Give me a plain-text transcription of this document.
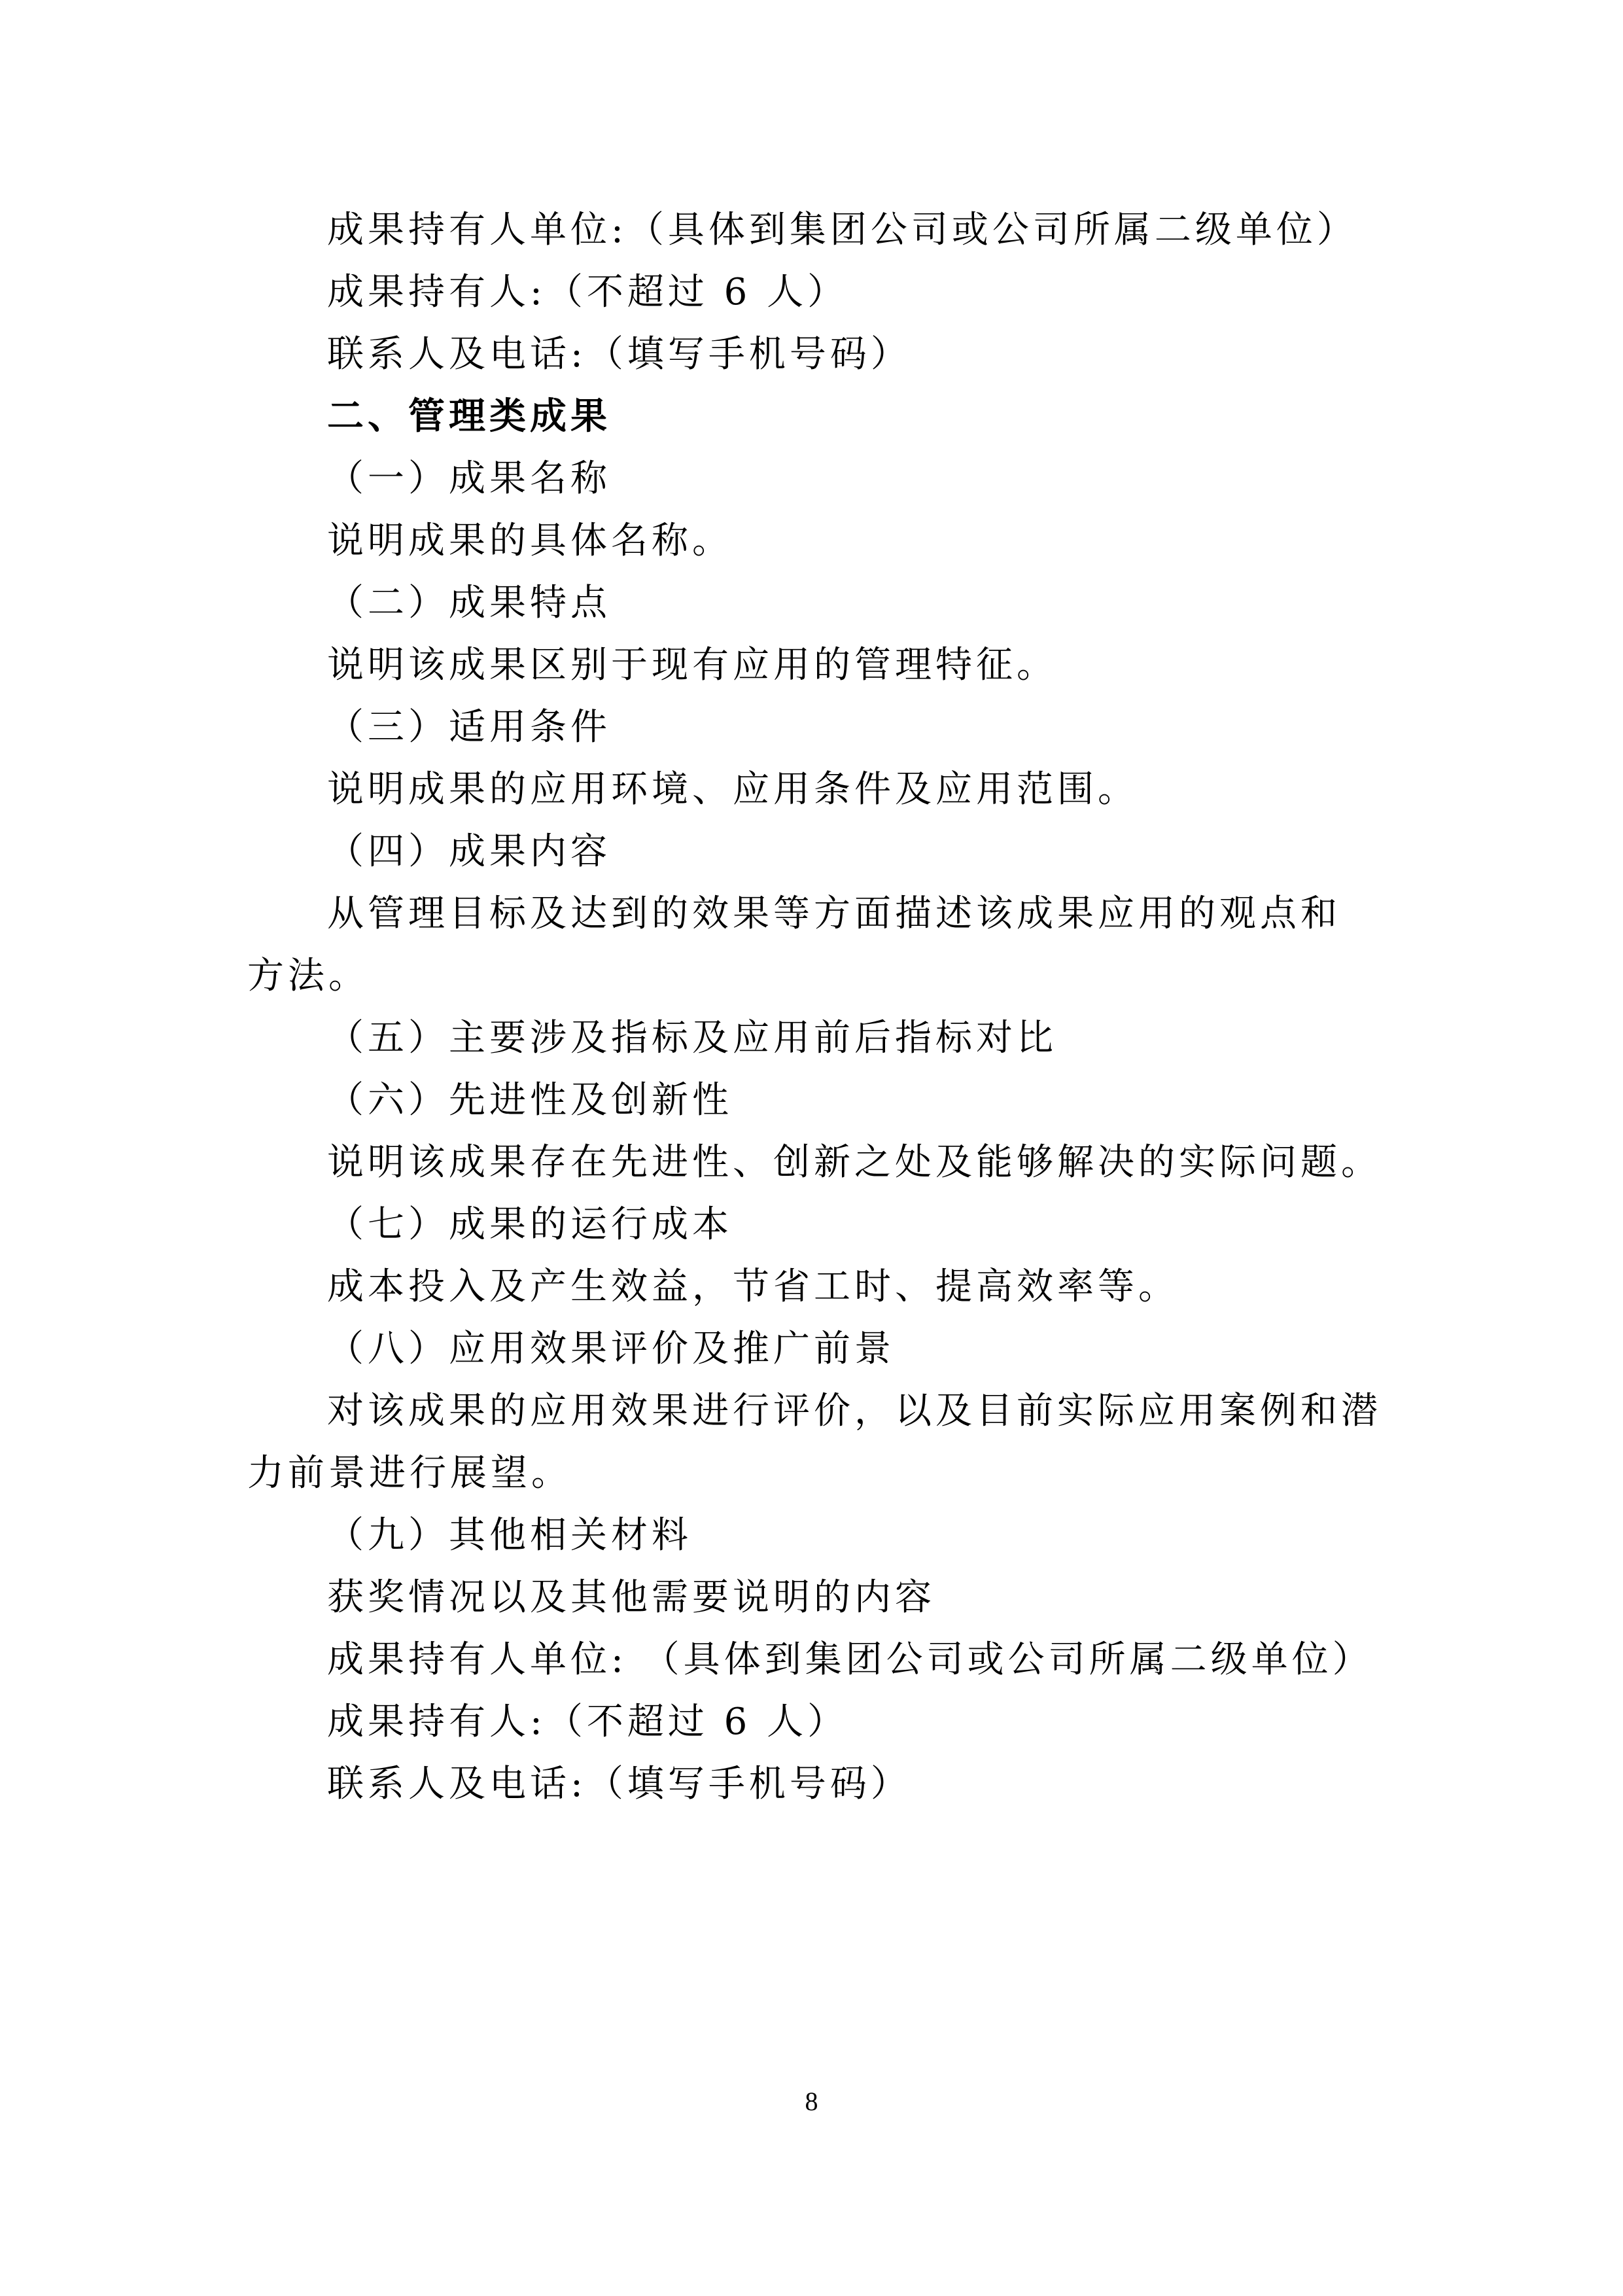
成果持有人单位:（具体到集团公司或公司所属二级单位）
成果持有人:（不超过 6 人）
联系人及电话:（填写手机号码）
二、管理类成果
（一）成果名称
说明成果的具体名称。
（二）成果特点
说明该成果区别于现有应用的管理特征。
（三）适用条件
说明成果的应用环境、应用条件及应用范围。
（四）成果内容
从管理目标及达到的效果等方面描述该成果应用的观点和
方法。
（五）主要涉及指标及应用前后指标对比
（六）先进性及创新性
说明该成果存在先进性、创新之处及能够解决的实际问题。
（七）成果的运行成本
成本投入及产生效益，节省工时、提高效率等。
（八）应用效果评价及推广前景
对该成果的应用效果进行评价，以及目前实际应用案例和潜
力前景进行展望。
（九）其他相关材料
获奖情况以及其他需要说明的内容
成果持有人单位: （具体到集团公司或公司所属二级单位）
成果持有人:（不超过 6 人）
联系人及电话:（填写手机号码）
8
